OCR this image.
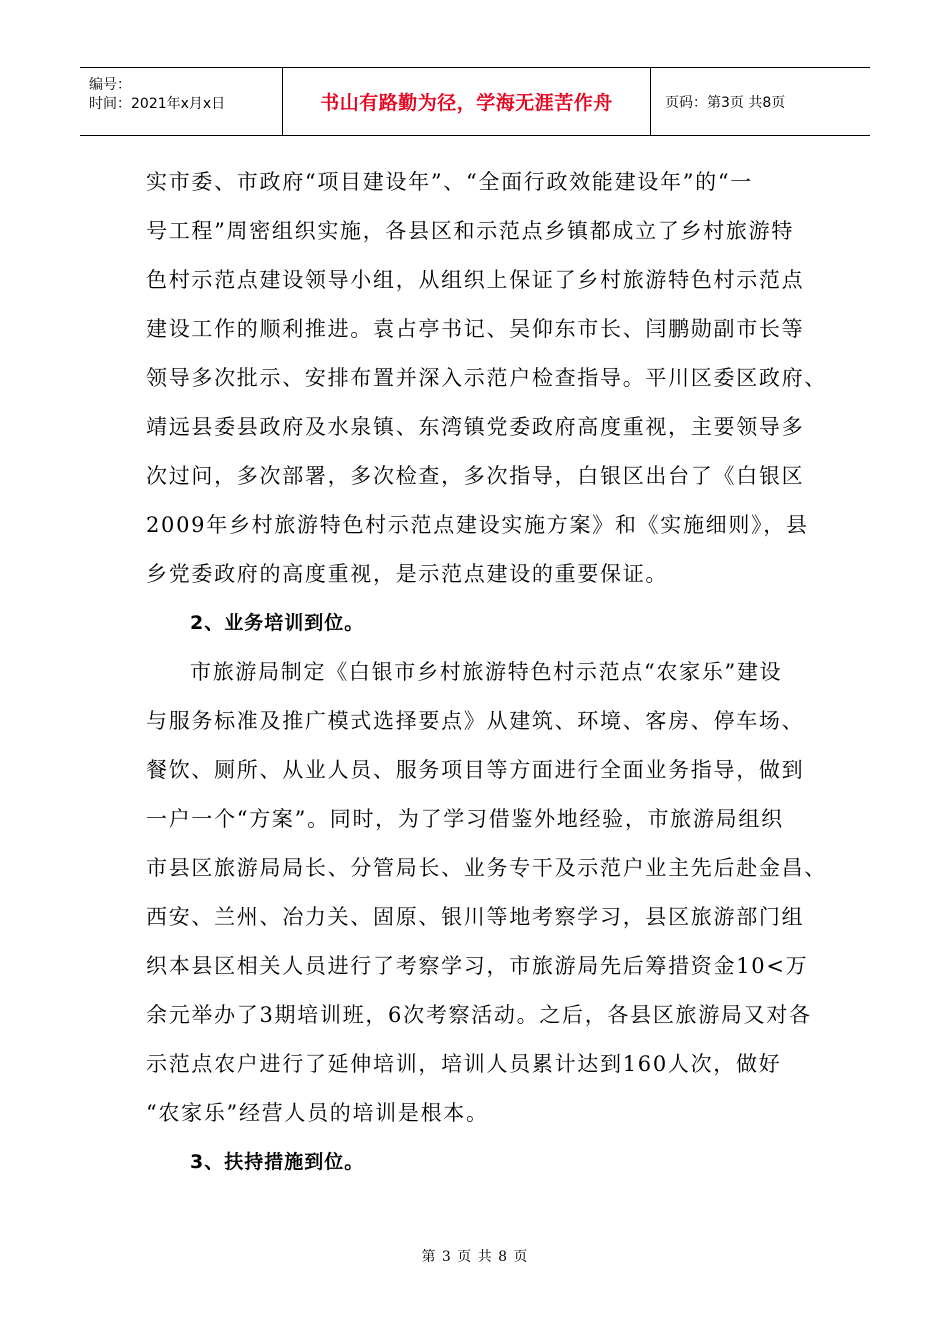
编号：
时间：2021年x月x日	书山有路勤为径，学海无涯苦作舟	页码：第3页 共8页
实市委、市政府“项目建设年”、“全面行政效能建设年”的“一
号工程”周密组织实施，各县区和示范点乡镇都成立了乡村旅游特
色村示范点建设领导小组，从组织上保证了乡村旅游特色村示范点
建设工作的顺利推进。袁占亭书记、吴仰东市长、闫鹏勋副市长等
领导多次批示、安排布置并深入示范户检查指导。平川区委区政府、
靖远县委县政府及水泉镇、东湾镇党委政府高度重视，主要领导多
次过问，多次部署，多次检查，多次指导，白银区出台了《白银区
2009年乡村旅游特色村示范点建设实施方案》和《实施细则》，县
乡党委政府的高度重视，是示范点建设的重要保证。
2、业务培训到位。
市旅游局制定《白银市乡村旅游特色村示范点“农家乐”建设
与服务标准及推广模式选择要点》从建筑、环境、客房、停车场、
餐饮、厕所、从业人员、服务项目等方面进行全面业务指导，做到
一户一个“方案”。同时，为了学习借鉴外地经验，市旅游局组织
市县区旅游局局长、分管局长、业务专干及示范户业主先后赴金昌、
西安、兰州、冶力关、固原、银川等地考察学习，县区旅游部门组
织本县区相关人员进行了考察学习，市旅游局先后筹措资金10<万
余元举办了3期培训班，6次考察活动。之后，各县区旅游局又对各
示范点农户进行了延伸培训，培训人员累计达到160人次，做好
“农家乐”经营人员的培训是根本。
3、扶持措施到位。
第 3 页 共 8 页
